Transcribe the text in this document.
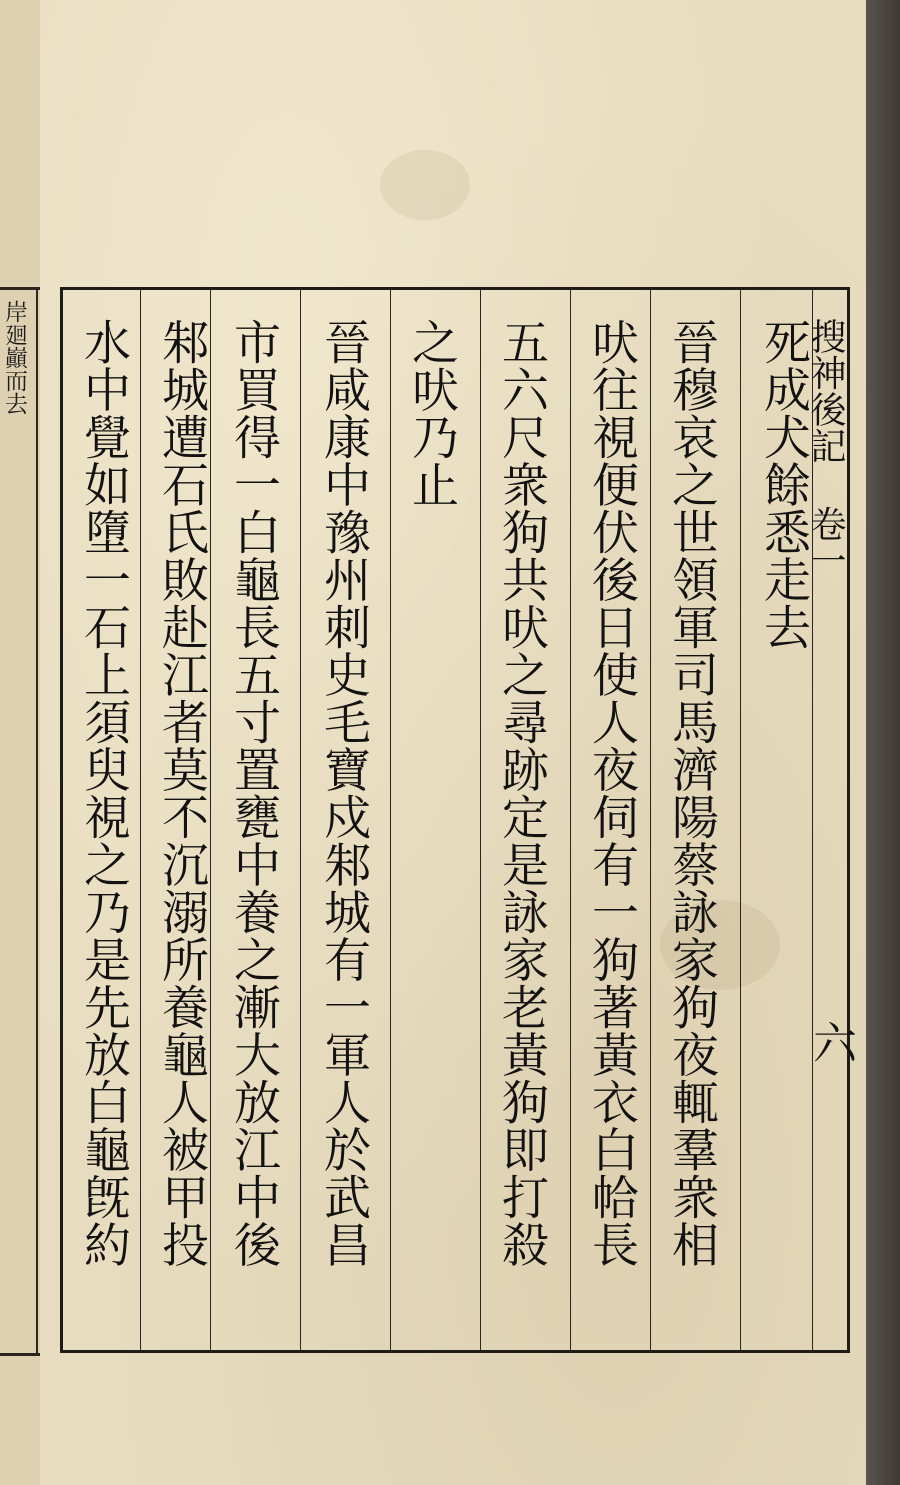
岸廻巓而去	搜神後記 卷一
死成犬餘悉走去
晉穆哀之世領軍司馬濟陽蔡詠家狗夜輒羣衆相
吠往視便伏後日使人夜伺有一狗著黃衣白帢長
五六尺衆狗共吠之尋跡定是詠家老黃狗即打殺
之吠乃止
晉咸康中豫州刺史毛寶戍邾城有一軍人於武昌
市買得一白龜長五寸置甕中養之漸大放江中後
邾城遭石氏敗赴江者莫不沉溺所養龜人被甲投
水中覺如墮一石上須臾視之乃是先放白龜旣約	六
